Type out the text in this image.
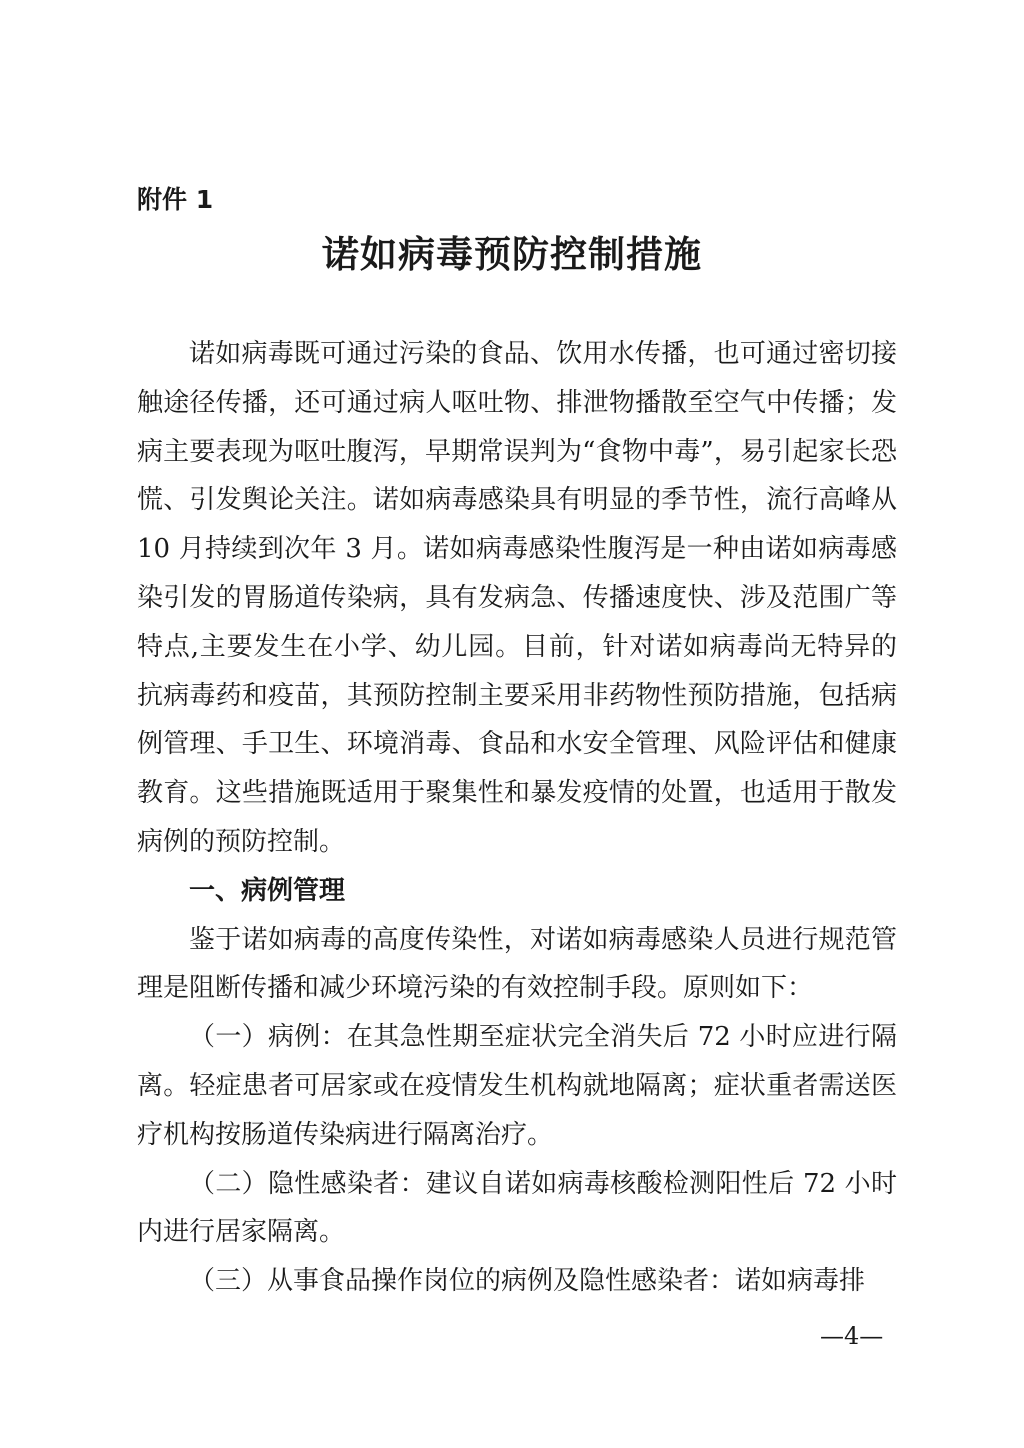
附件 1
诺如病毒预防控制措施

诺如病毒既可通过污染的食品、饮用水传播，也可通过密切接触途径传播，还可通过病人呕吐物、排泄物播散至空气中传播；发病主要表现为呕吐腹泻，早期常误判为“食物中毒”，易引起家长恐慌、引发舆论关注。诺如病毒感染具有明显的季节性，流行高峰从 10 月持续到次年 3 月。诺如病毒感染性腹泻是一种由诺如病毒感染引发的胃肠道传染病，具有发病急、传播速度快、涉及范围广等特点,主要发生在小学、幼儿园。目前，针对诺如病毒尚无特异的抗病毒药和疫苗，其预防控制主要采用非药物性预防措施，包括病例管理、手卫生、环境消毒、食品和水安全管理、风险评估和健康教育。这些措施既适用于聚集性和暴发疫情的处置，也适用于散发病例的预防控制。

一、病例管理

鉴于诺如病毒的高度传染性，对诺如病毒感染人员进行规范管理是阻断传播和减少环境污染的有效控制手段。原则如下：

（一）病例：在其急性期至症状完全消失后 72 小时应进行隔离。轻症患者可居家或在疫情发生机构就地隔离；症状重者需送医疗机构按肠道传染病进行隔离治疗。

（二）隐性感染者：建议自诺如病毒核酸检测阳性后 72 小时内进行居家隔离。

（三）从事食品操作岗位的病例及隐性感染者：诺如病毒排

—4—
